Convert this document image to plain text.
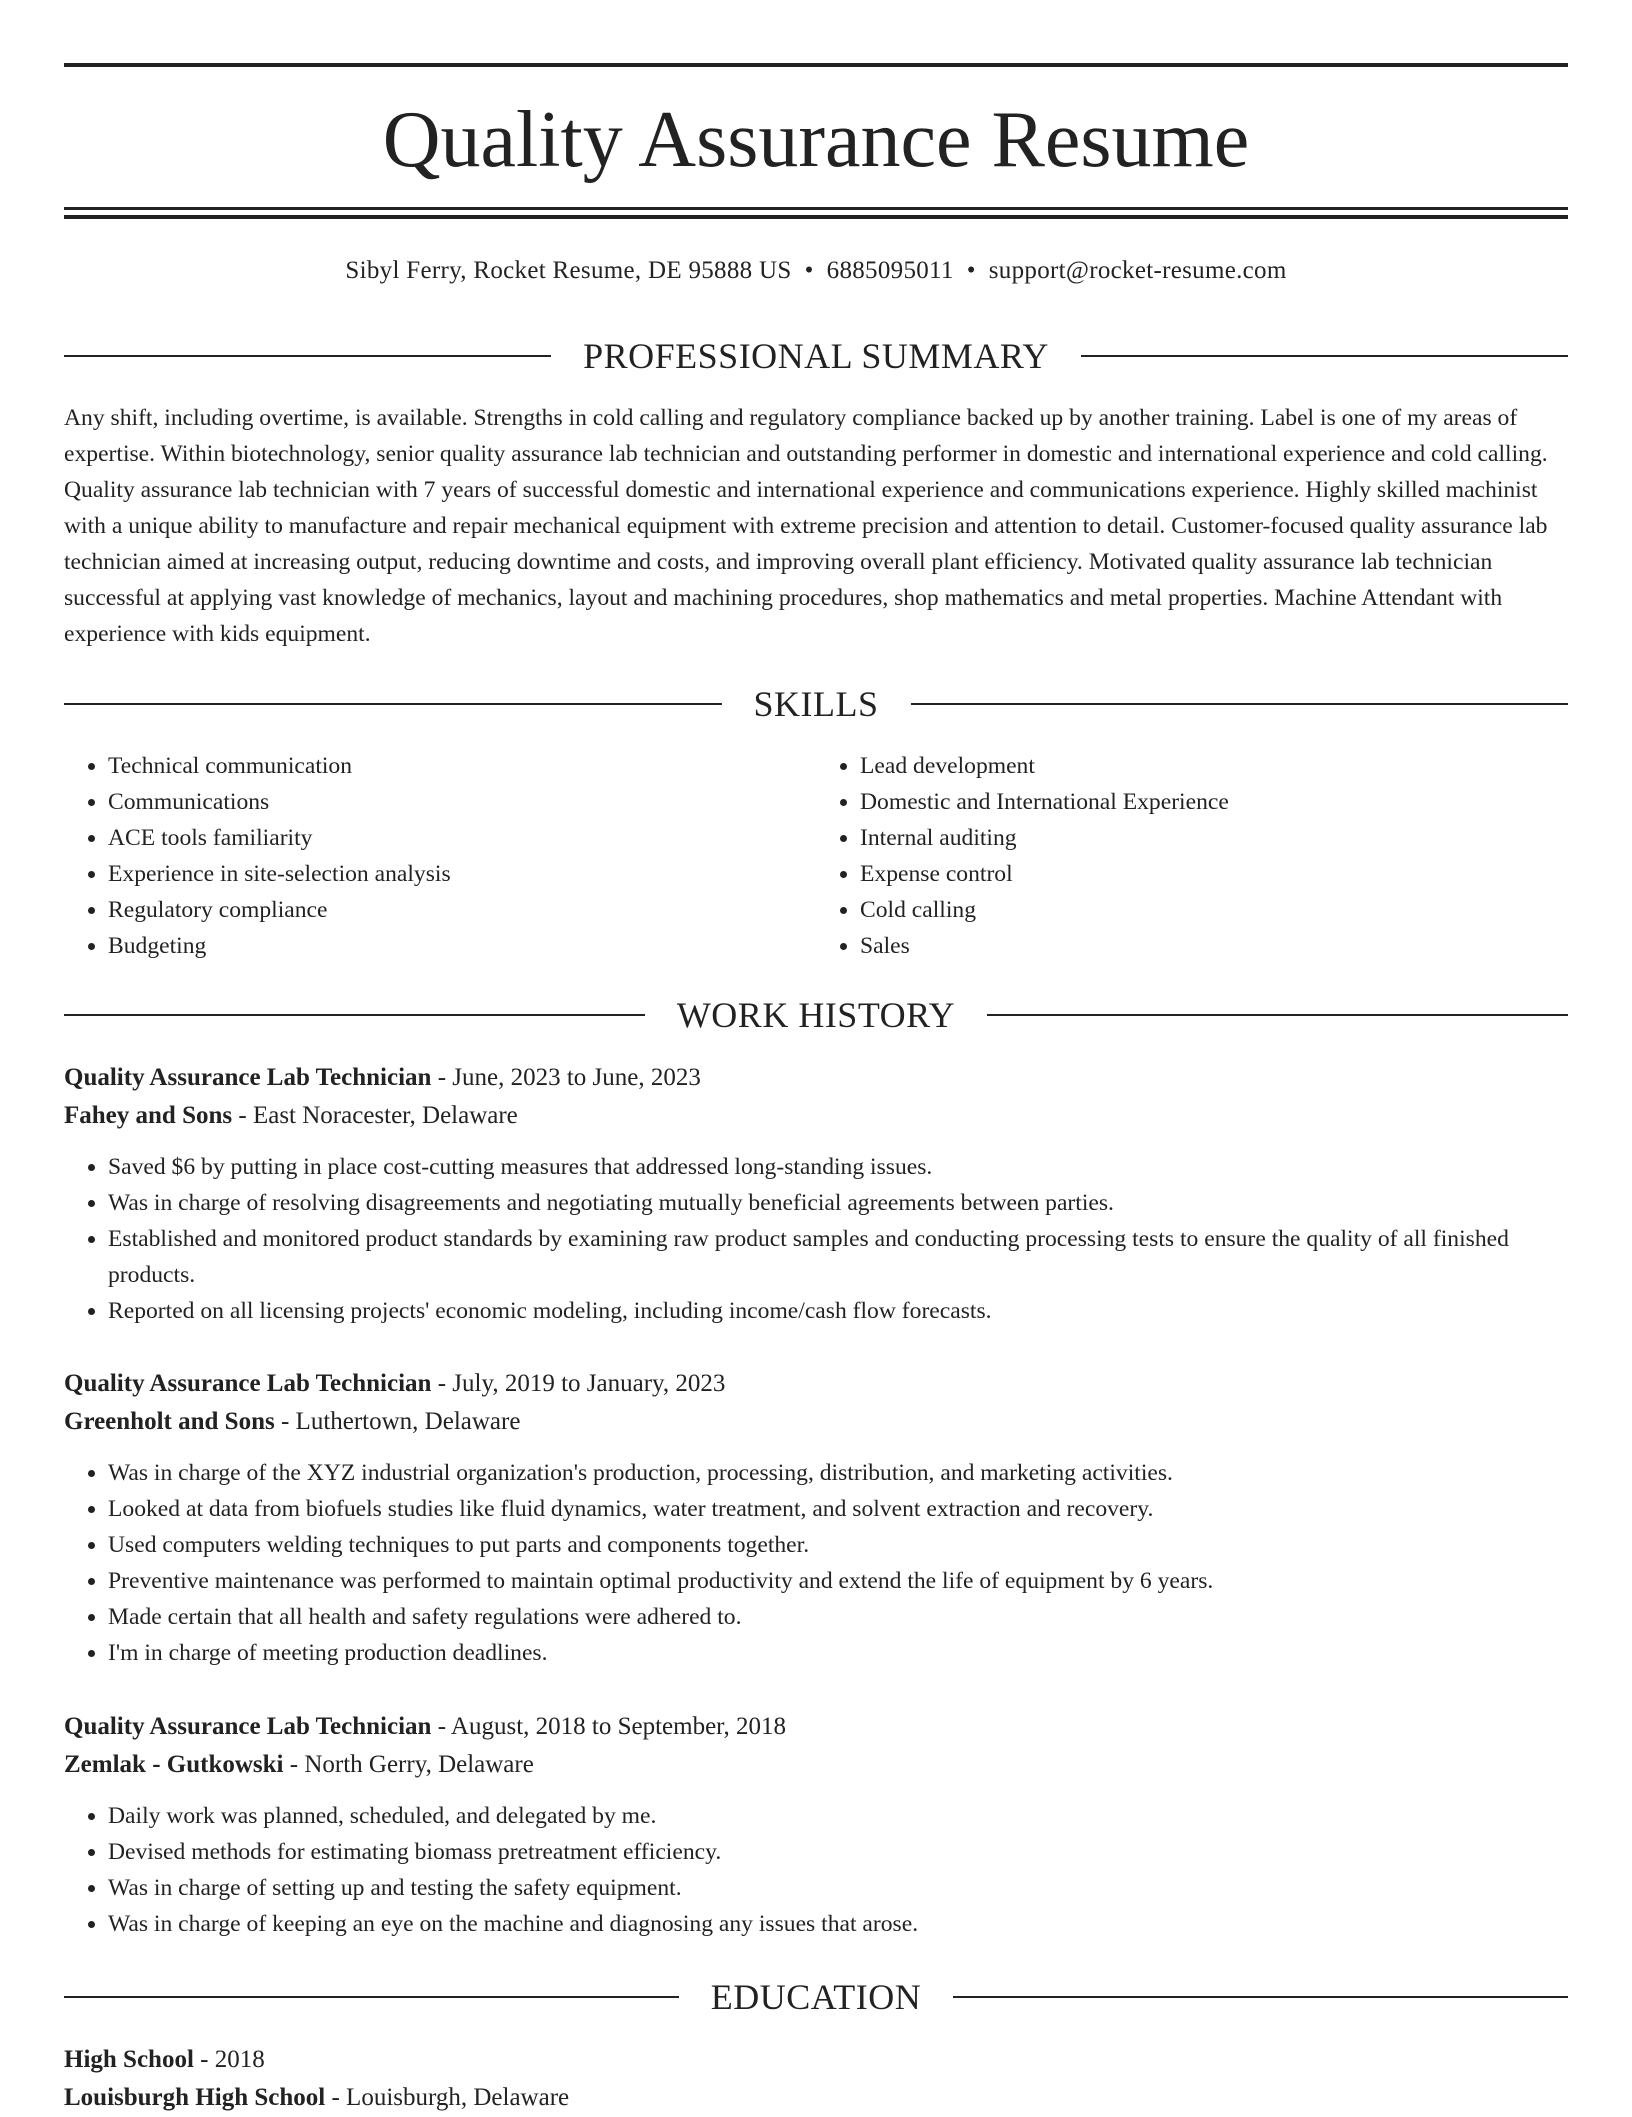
Quality Assurance Resume
Sibyl Ferry, Rocket Resume, DE 95888 US • 6885095011 • support@rocket-resume.com
PROFESSIONAL SUMMARY

Any shift, including overtime, is available. Strengths in cold calling and regulatory compliance backed up by another training. Label is one of my areas of expertise. Within biotechnology, senior quality assurance lab technician and outstanding performer in domestic and international experience and cold calling. Quality assurance lab technician with 7 years of successful domestic and international experience and communications experience. Highly skilled machinist with a unique ability to manufacture and repair mechanical equipment with extreme precision and attention to detail. Customer-focused quality assurance lab technician aimed at increasing output, reducing downtime and costs, and improving overall plant efficiency. Motivated quality assurance lab technician successful at applying vast knowledge of mechanics, layout and machining procedures, shop mathematics and metal properties. Machine Attendant with experience with kids equipment.

SKILLS
• Technical communication
• Communications
• ACE tools familiarity
• Experience in site-selection analysis
• Regulatory compliance
• Budgeting
• Lead development
• Domestic and International Experience
• Internal auditing
• Expense control
• Cold calling
• Sales
WORK HISTORY
Quality Assurance Lab Technician - June, 2023 to June, 2023
Fahey and Sons - East Noracester, Delaware
• Saved $6 by putting in place cost-cutting measures that addressed long-standing issues.
• Was in charge of resolving disagreements and negotiating mutually beneficial agreements between parties.
• Established and monitored product standards by examining raw product samples and conducting processing tests to ensure the quality of all finished products.
• Reported on all licensing projects' economic modeling, including income/cash flow forecasts.
Quality Assurance Lab Technician - July, 2019 to January, 2023
Greenholt and Sons - Luthertown, Delaware
• Was in charge of the XYZ industrial organization's production, processing, distribution, and marketing activities.
• Looked at data from biofuels studies like fluid dynamics, water treatment, and solvent extraction and recovery.
• Used computers welding techniques to put parts and components together.
• Preventive maintenance was performed to maintain optimal productivity and extend the life of equipment by 6 years.
• Made certain that all health and safety regulations were adhered to.
• I'm in charge of meeting production deadlines.
Quality Assurance Lab Technician - August, 2018 to September, 2018
Zemlak - Gutkowski - North Gerry, Delaware
• Daily work was planned, scheduled, and delegated by me.
• Devised methods for estimating biomass pretreatment efficiency.
• Was in charge of setting up and testing the safety equipment.
• Was in charge of keeping an eye on the machine and diagnosing any issues that arose.
EDUCATION
High School - 2018
Louisburgh High School - Louisburgh, Delaware
